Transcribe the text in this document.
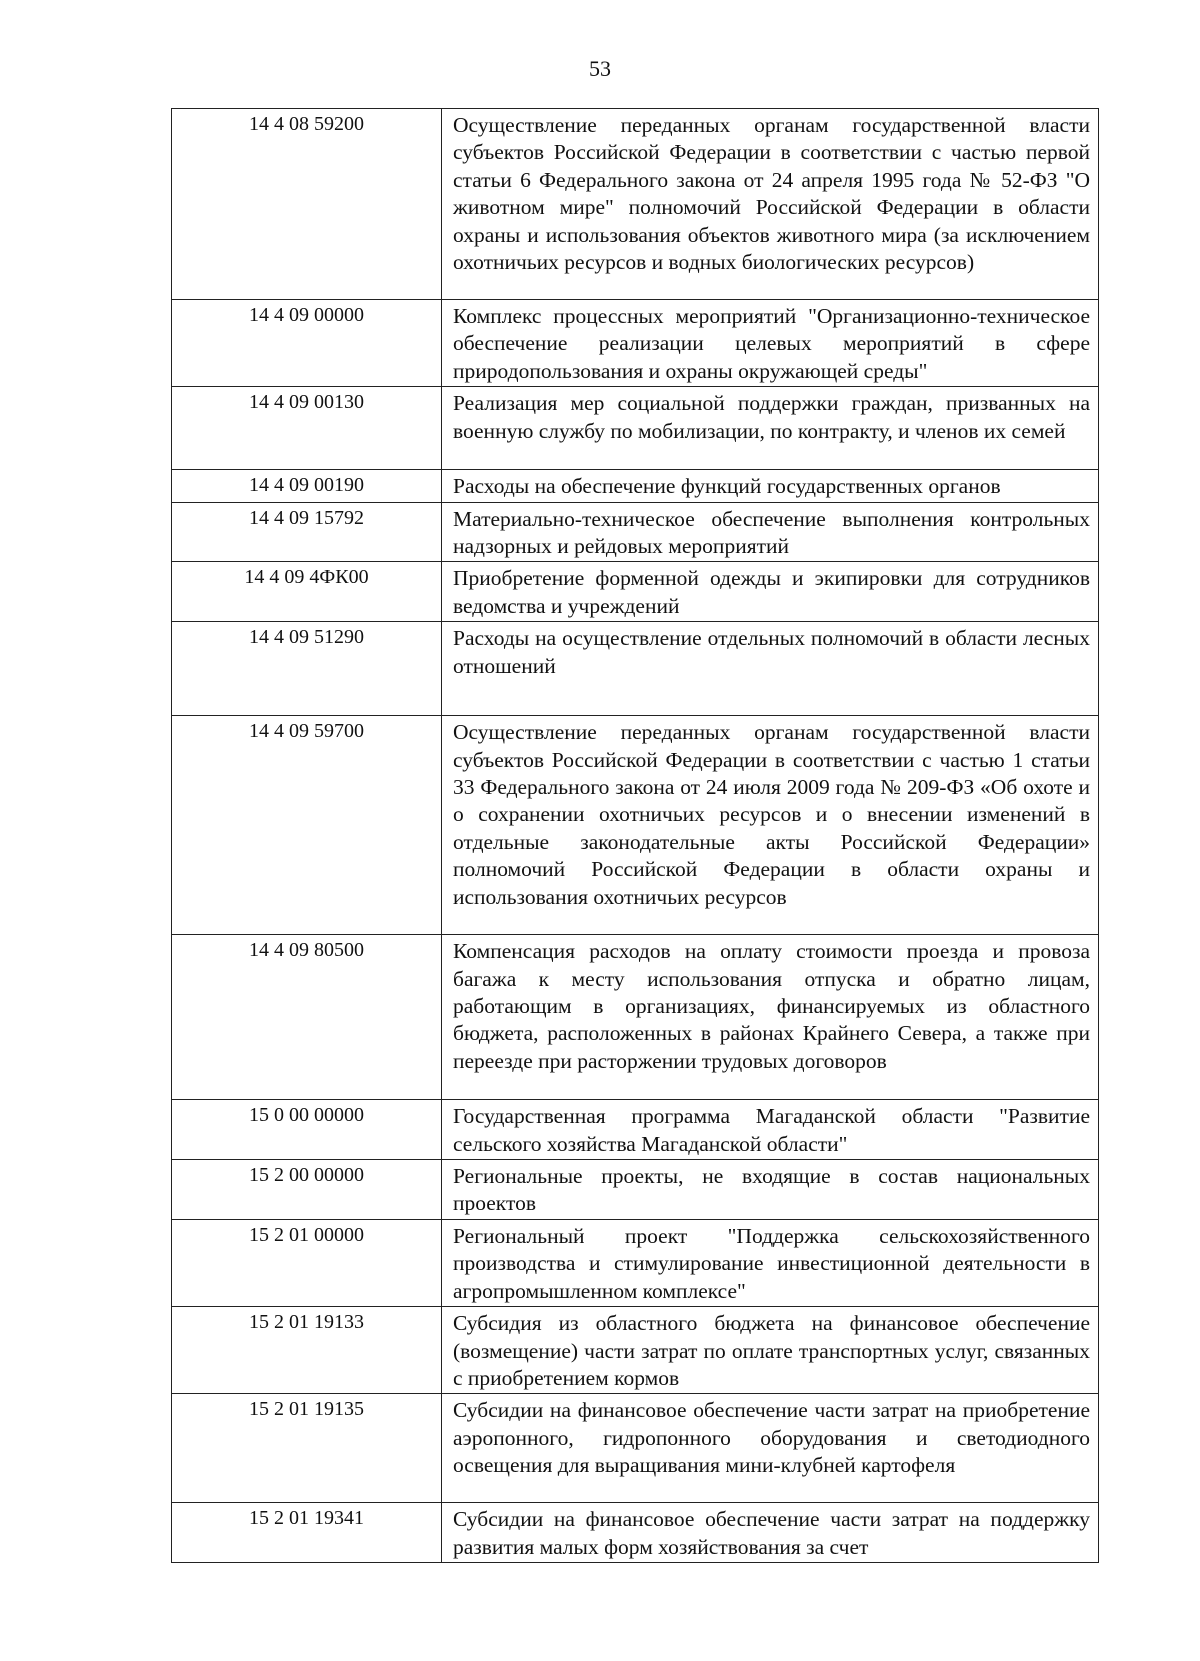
53
14 4 08 59200	Осуществление переданных органам государственной власти субъектов Российской Федерации в соответствии с частью первой статьи 6 Федерального закона от 24 апреля 1995 года № 52-ФЗ "О животном мире" полномочий Российской Федерации в области охраны и использования объектов животного мира (за исключением охотничьих ресурсов и водных биологических ресурсов)
14 4 09 00000	Комплекс процессных мероприятий "Организационно-техническое обеспечение реализации целевых мероприятий в сфере природопользования и охраны окружающей среды"
14 4 09 00130	Реализация мер социальной поддержки граждан, призванных на военную службу по мобилизации, по контракту, и членов их семей
14 4 09 00190	Расходы на обеспечение функций государственных органов
14 4 09 15792	Материально-техническое обеспечение выполнения контрольных надзорных и рейдовых мероприятий
14 4 09 4ФК00	Приобретение форменной одежды и экипировки для сотрудников ведомства и учреждений
14 4 09 51290	Расходы на осуществление отдельных полномочий в области лесных отношений
14 4 09 59700	Осуществление переданных органам государственной власти субъектов Российской Федерации в соответствии с частью 1 статьи 33 Федерального закона от 24 июля 2009 года № 209-ФЗ «Об охоте и о сохранении охотничьих ресурсов и о внесении изменений в отдельные законодательные акты Российской Федерации» полномочий Российской Федерации в области охраны и использования охотничьих ресурсов
14 4 09 80500	Компенсация расходов на оплату стоимости проезда и провоза багажа к месту использования отпуска и обратно лицам, работающим в организациях, финансируемых из областного бюджета, расположенных в районах Крайнего Севера, а также при переезде при расторжении трудовых договоров
15 0 00 00000	Государственная программа Магаданской области "Развитие сельского хозяйства Магаданской области"
15 2 00 00000	Региональные проекты, не входящие в состав национальных проектов
15 2 01 00000	Региональный проект "Поддержка сельскохозяйственного производства и стимулирование инвестиционной деятельности в агропромышленном комплексе"
15 2 01 19133	Субсидия из областного бюджета на финансовое обеспечение (возмещение) части затрат по оплате транспортных услуг, связанных с приобретением кормов
15 2 01 19135	Субсидии на финансовое обеспечение части затрат на приобретение аэропонного, гидропонного оборудования и светодиодного освещения для выращивания мини-клубней картофеля
15 2 01 19341	Субсидии на финансовое обеспечение части затрат на поддержку развития малых форм хозяйствования за счет
